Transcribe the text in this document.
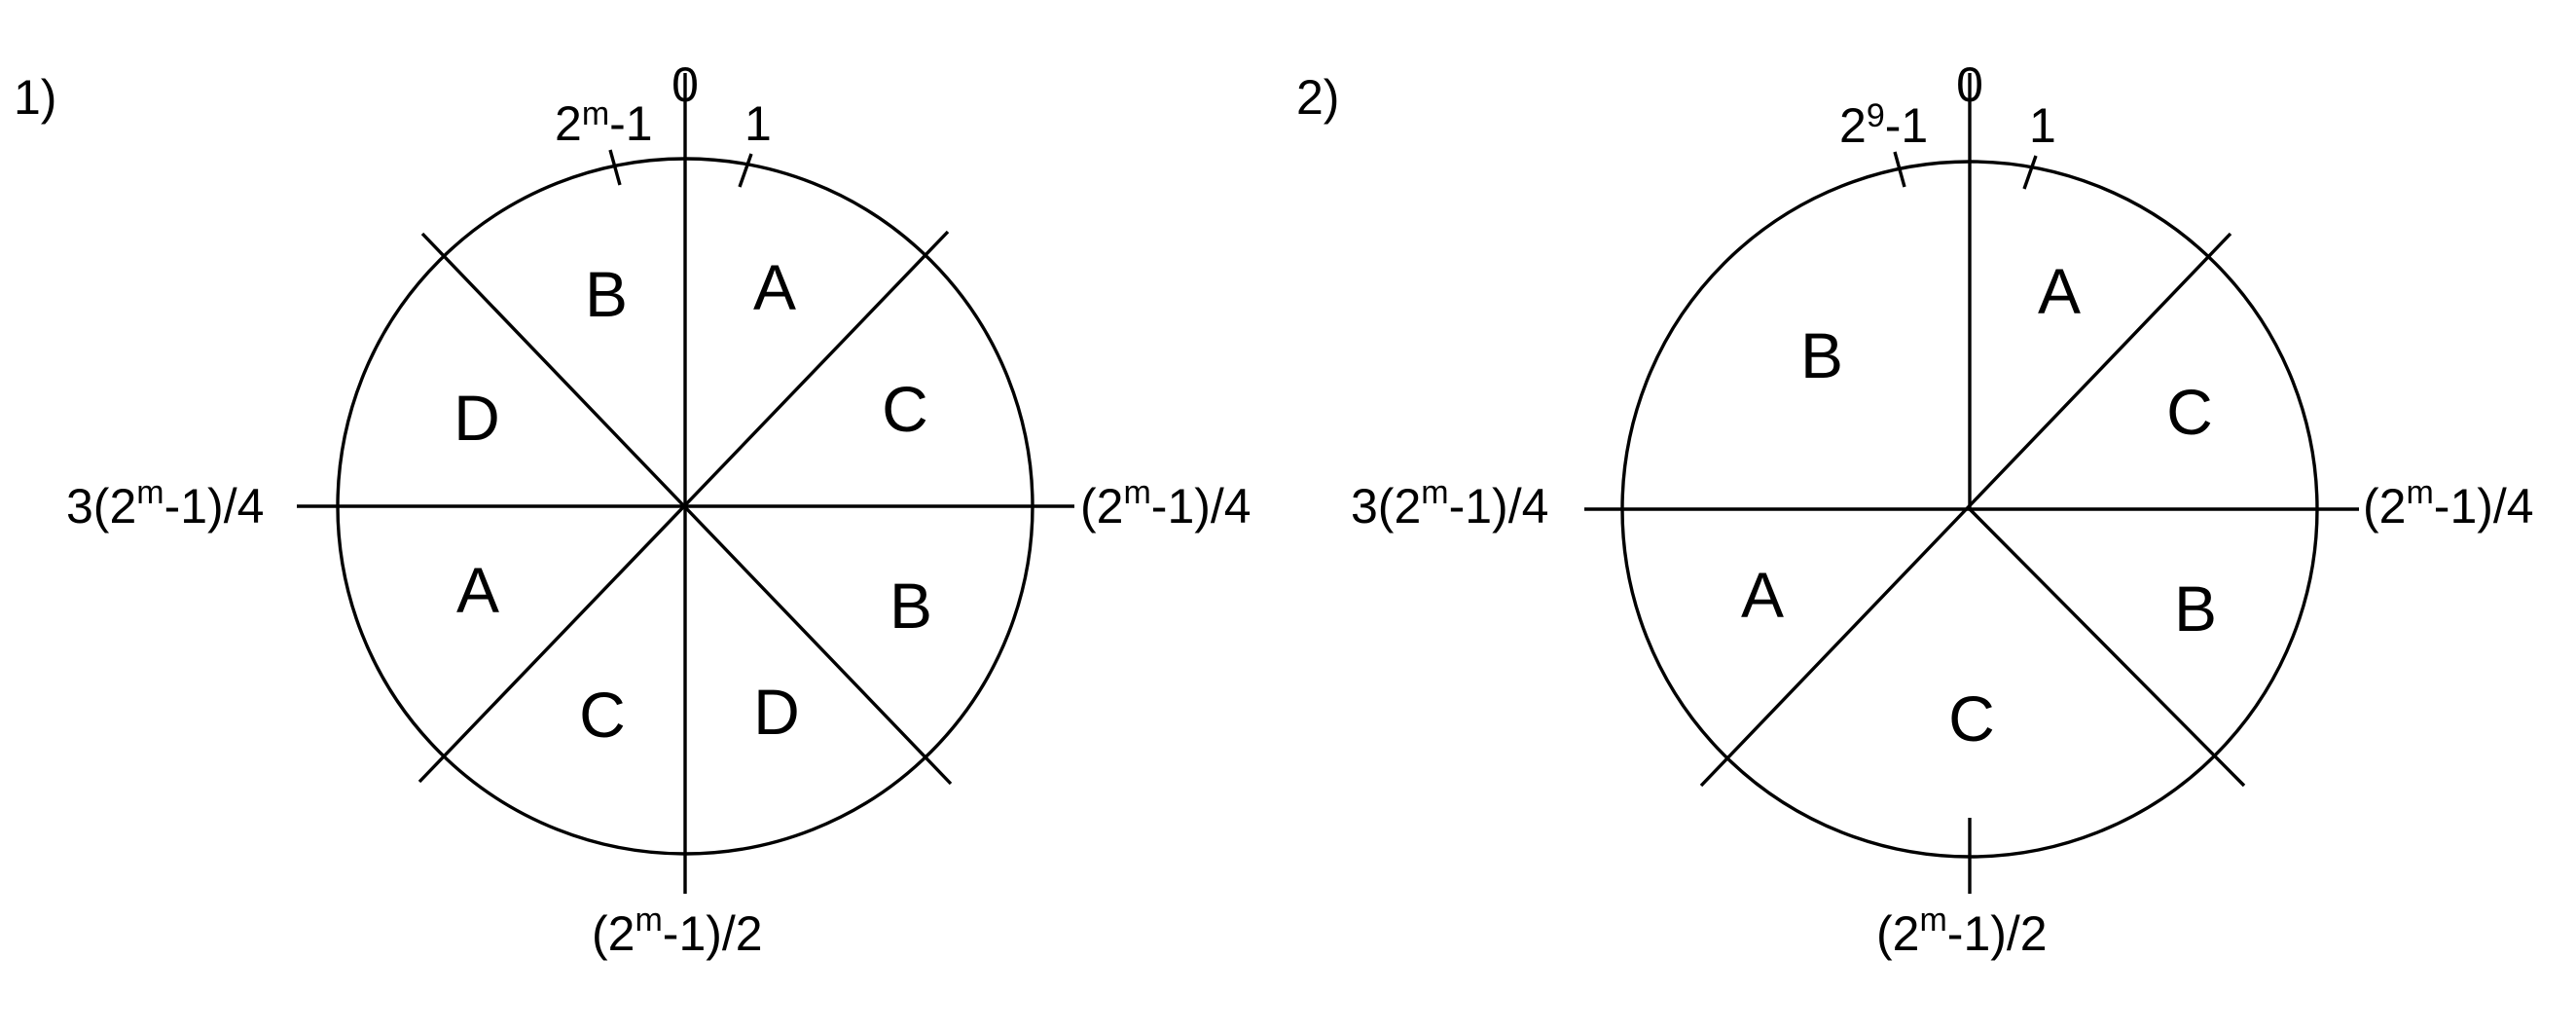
1)	0
2$^m$-1 1
(2$^m$-1)/4
3(2$^m$-1)/4
(2$^m$-1)/2
A
C
B
D
C
A
D
B
2)	0
$2^9-1$ 1
(2$^m$-1)/4
3(2$^m$-1)/4
(2$^m$-1)/2
A
C
B
C
A
B
